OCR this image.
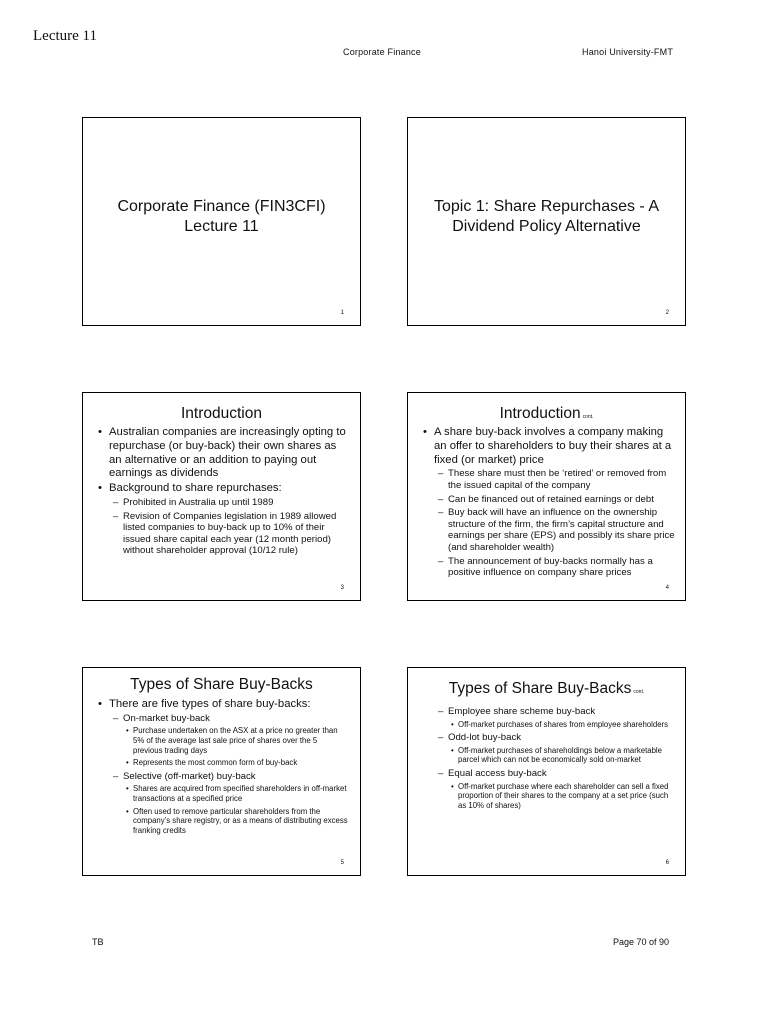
Lecture 11
Corporate Finance	Hanoi University-FMT
Corporate Finance (FIN3CFI)
Lecture 11
1
Topic 1: Share Repurchases - A
Dividend Policy Alternative
2
Introduction
• Australian companies are increasingly opting to repurchase (or buy-back) their own shares as an alternative or an addition to paying out earnings as dividends
• Background to share repurchases:
– Prohibited in Australia up until 1989
– Revision of Companies legislation in 1989 allowed listed companies to buy-back up to 10% of their issued share capital each year (12 month period) without shareholder approval (10/12 rule)
3
Introduction cont.
• A share buy-back involves a company making an offer to shareholders to buy their shares at a fixed (or market) price
– These share must then be ‘retired’ or removed from the issued capital of the company
– Can be financed out of retained earnings or debt
– Buy back will have an influence on the ownership structure of the firm, the firm’s capital structure and earnings per share (EPS) and possibly its share price (and shareholder wealth)
– The announcement of buy-backs normally has a positive influence on company share prices
4
Types of Share Buy-Backs
• There are five types of share buy-backs:
– On-market buy-back
• Purchase undertaken on the ASX at a price no greater than 5% of the average last sale price of shares over the 5 previous trading days
• Represents the most common form of buy-back
– Selective (off-market) buy-back
• Shares are acquired from specified shareholders in off-market transactions at a specified price
• Often used to remove particular shareholders from the company’s share registry, or as a means of distributing excess franking credits
5
Types of Share Buy-Backs cont.
– Employee share scheme buy-back
• Off-market purchases of shares from employee shareholders
– Odd-lot buy-back
• Off-market purchases of shareholdings below a marketable parcel which can not be economically sold on-market
– Equal access buy-back
• Off-market purchase where each shareholder can sell a fixed proportion of their shares to the company at a set price (such as 10% of shares)
6
TB	Page 70 of 90
